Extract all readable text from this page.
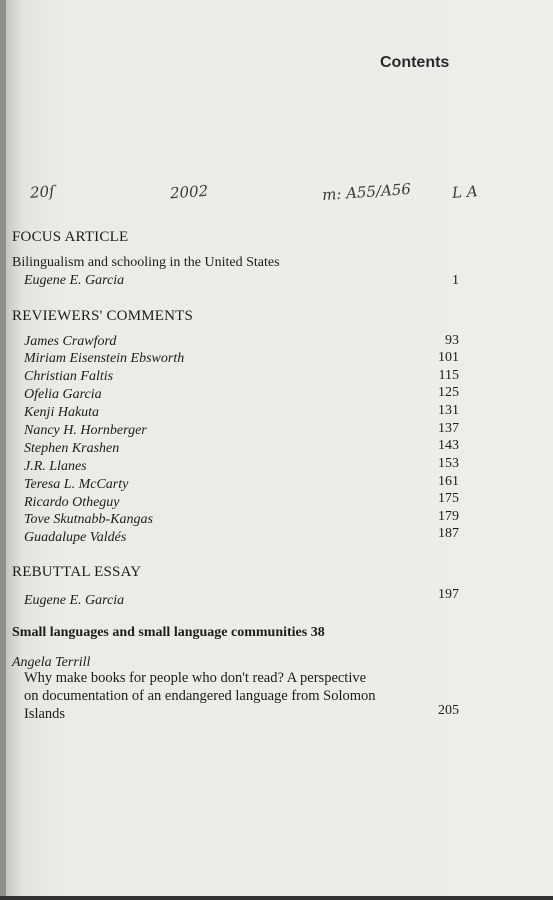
Contents
20ſ	2002	m: A55/A56	L A
FOCUS ARTICLE
Bilingualism and schooling in the United States
Eugene E. Garcia	1
REVIEWERS' COMMENTS
James Crawford	93
Miriam Eisenstein Ebsworth	101
Christian Faltis	115
Ofelia Garcia	125
Kenji Hakuta	131
Nancy H. Hornberger	137
Stephen Krashen	143
J.R. Llanes	153
Teresa L. McCarty	161
Ricardo Otheguy	175
Tove Skutnabb-Kangas	179
Guadalupe Valdés	187
REBUTTAL ESSAY
Eugene E. Garcia	197
Small languages and small language communities 38
Angela Terrill
Why make books for people who don't read? A perspective
on documentation of an endangered language from Solomon
Islands	205
